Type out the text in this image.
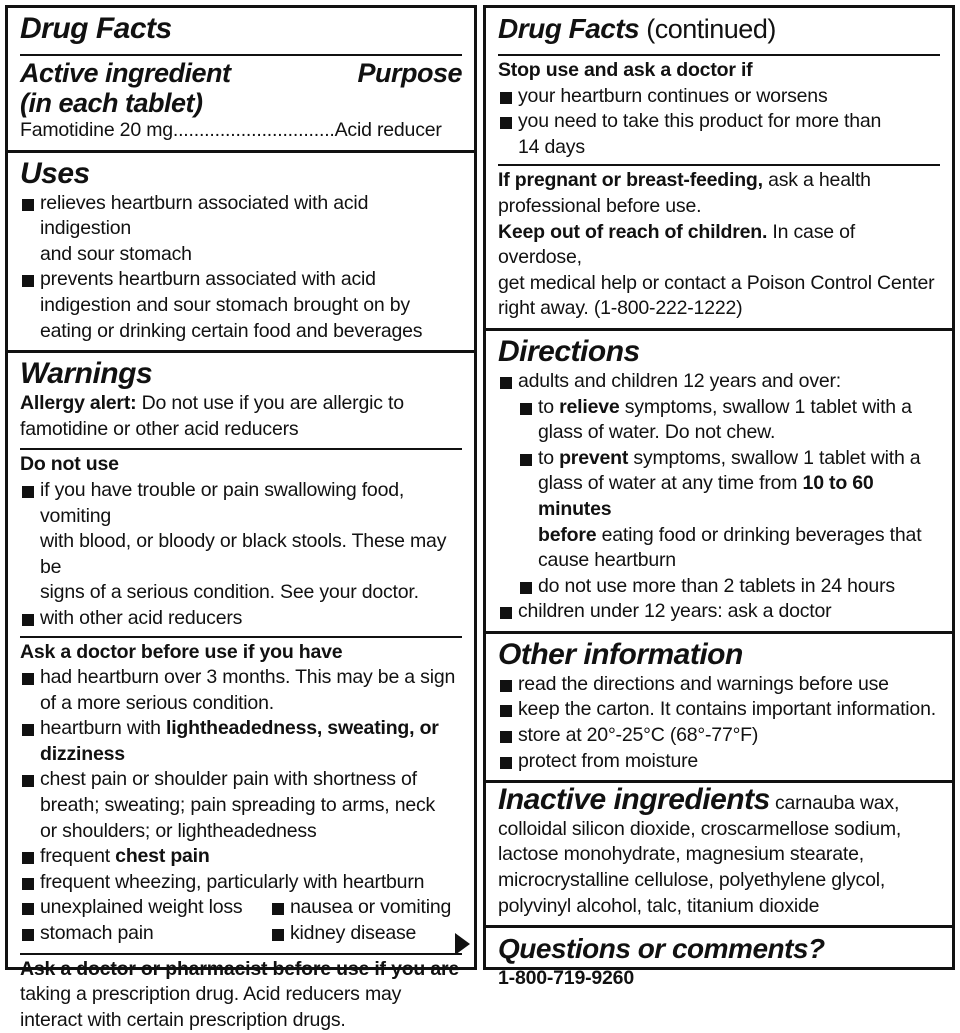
Drug Facts
Active ingredient	Purpose
(in each tablet)
Famotidine 20 mg...............................Acid reducer
Uses
relieves heartburn associated with acid indigestion
and sour stomach
prevents heartburn associated with acid
indigestion and sour stomach brought on by
eating or drinking certain food and beverages
Warnings
Allergy alert: Do not use if you are allergic to
famotidine or other acid reducers
Do not use
if you have trouble or pain swallowing food, vomiting
with blood, or bloody or black stools. These may be
signs of a serious condition. See your doctor.
with other acid reducers
Ask a doctor before use if you have
had heartburn over 3 months. This may be a sign
of a more serious condition.
heartburn with lightheadedness, sweating, or
dizziness
chest pain or shoulder pain with shortness of
breath; sweating; pain spreading to arms, neck
or shoulders; or lightheadedness
frequent chest pain
frequent wheezing, particularly with heartburn
unexplained weight loss	nausea or vomiting
stomach pain	kidney disease
Ask a doctor or pharmacist before use if you are
taking a prescription drug. Acid reducers may
interact with certain prescription drugs.
Drug Facts (continued)
Stop use and ask a doctor if
your heartburn continues or worsens
you need to take this product for more than
14 days
If pregnant or breast-feeding, ask a health
professional before use.
Keep out of reach of children. In case of overdose,
get medical help or contact a Poison Control Center
right away. (1-800-222-1222)
Directions
adults and children 12 years and over:
to relieve symptoms, swallow 1 tablet with a
glass of water. Do not chew.
to prevent symptoms, swallow 1 tablet with a
glass of water at any time from 10 to 60 minutes
before eating food or drinking beverages that
cause heartburn
do not use more than 2 tablets in 24 hours
children under 12 years: ask a doctor
Other information
read the directions and warnings before use
keep the carton. It contains important information.
store at 20°-25°C (68°-77°F)
protect from moisture
Inactive ingredients carnauba wax,
colloidal silicon dioxide, croscarmellose sodium,
lactose monohydrate, magnesium stearate,
microcrystalline cellulose, polyethylene glycol,
polyvinyl alcohol, talc, titanium dioxide
Questions or comments?
1-800-719-9260
